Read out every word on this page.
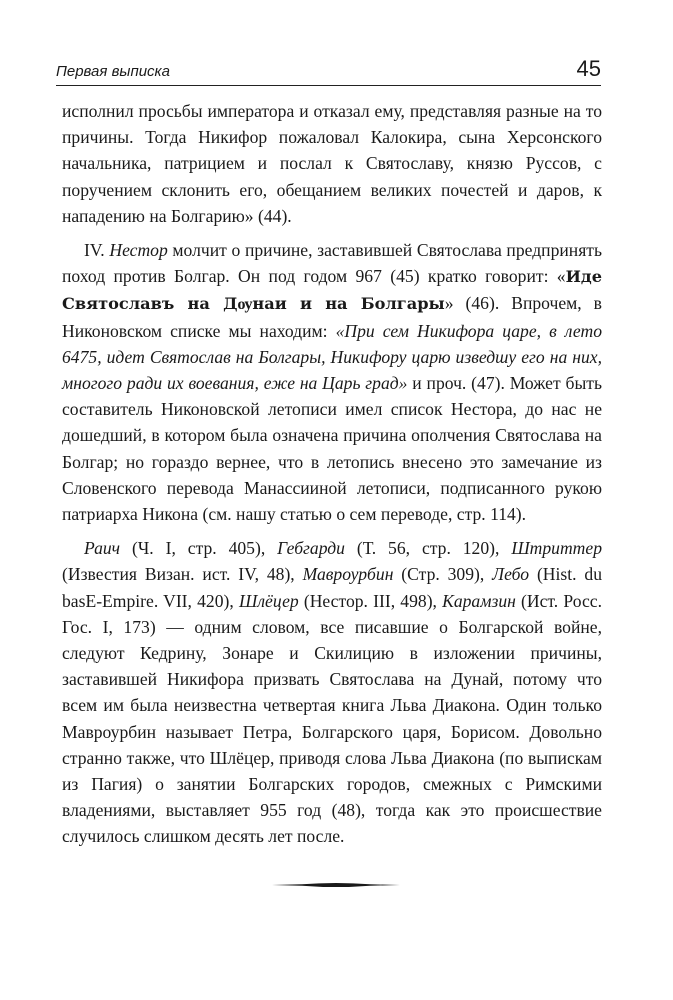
Первая выписка	45

исполнил просьбы императора и отказал ему, представляя разные на то причины. Тогда Никифор пожаловал Калокира, сына Херсонского начальника, патрицием и послал к Святославу, князю Руссов, с поручением склонить его, обещанием великих почестей и даров, к нападению на Болгарию» (44).

IV. Нестор молчит о причине, заставившей Святослава предпринять поход против Болгар. Он под годом 967 (45) кратко говорит: «Иде Святославъ на Дѹнаи и на Болгары» (46). Впрочем, в Никоновском списке мы находим: «При сем Никифора царе, в лето 6475, идет Святослав на Болгары, Никифору царю изведшу его на них, многого ради их воевания, еже на Царь град» и проч. (47). Может быть составитель Никоновской летописи имел список Нестора, до нас не дошедший, в котором была означена причина ополчения Святослава на Болгар; но гораздо вернее, что в летопись внесено это замечание из Словенского перевода Манассииной летописи, подписанного рукою патриарха Никона (см. нашу статью о сем переводе, стр. 114).

Раич (Ч. I, стр. 405), Гебгарди (Т. 56, стр. 120), Штриттер (Известия Визан. ист. IV, 48), Мавроурбин (Стр. 309), Лебо (Hist. du basE-Empire. VII, 420), Шлёцер (Нестор. III, 498), Карамзин (Ист. Росс. Гос. I, 173) — одним словом, все писавшие о Болгарской войне, следуют Кедрину, Зонаре и Скилицию в изложении причины, заставившей Никифора призвать Святослава на Дунай, потому что всем им была неизвестна четвертая книга Льва Диакона. Один только Мавроурбин называет Петра, Болгарского царя, Борисом. Довольно странно также, что Шлёцер, приводя слова Льва Диакона (по выпискам из Пагия) о занятии Болгарских городов, смежных с Римскими владениями, выставляет 955 год (48), тогда как это происшествие случилось слишком десять лет после.
